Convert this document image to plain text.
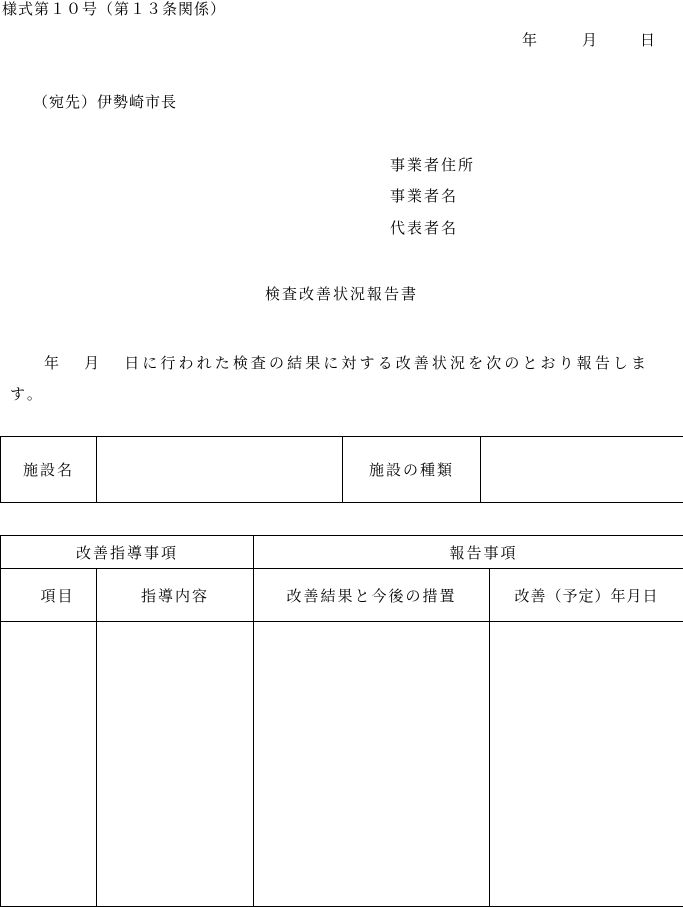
様式第１０号（第１３条関係）
年	月	日
（宛先）伊勢崎市長
事業者住所
事業者名
代表者名
検査改善状況報告書
年 月 日に行われた検査の結果に対する改善状況を次のとおり報告します。
施設名		施設の種類	
改善指導事項		報告事項	
項目	指導内容	改善結果と今後の措置	改善（予定）年月日
